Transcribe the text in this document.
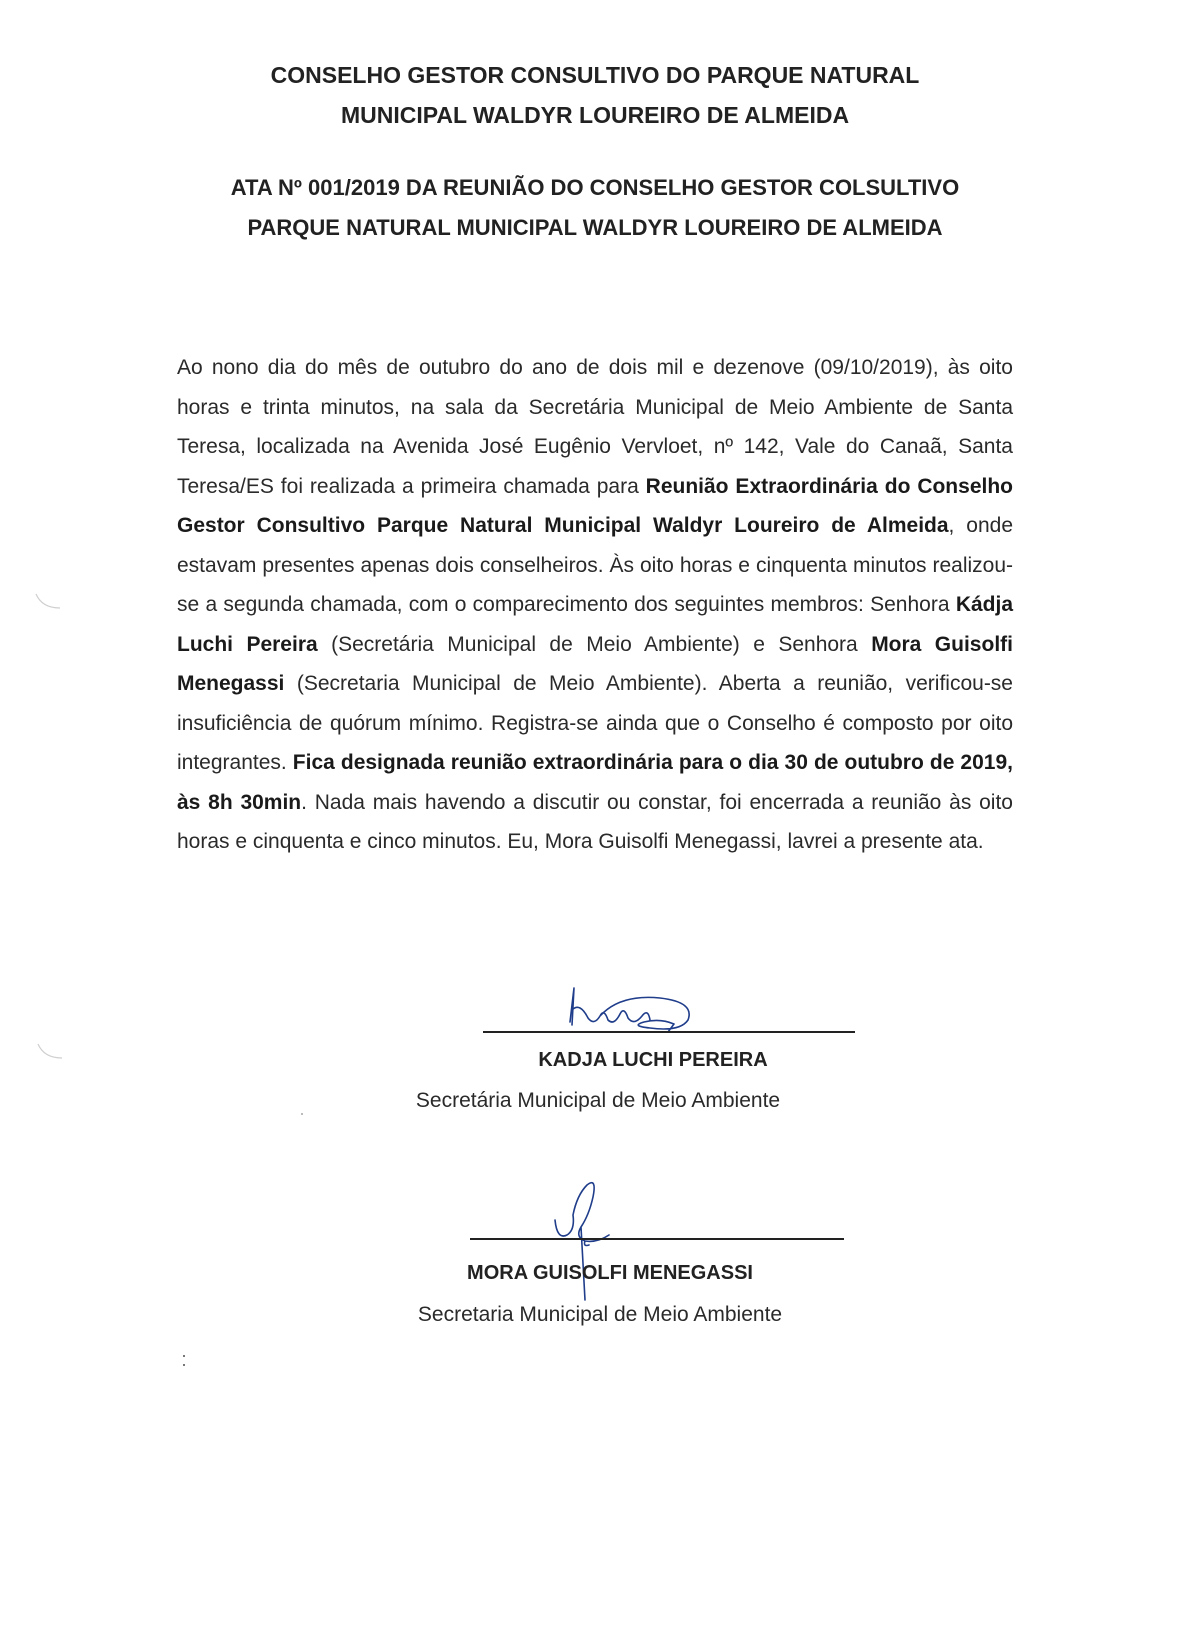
CONSELHO GESTOR CONSULTIVO DO PARQUE NATURAL
MUNICIPAL WALDYR LOUREIRO DE ALMEIDA
ATA Nº 001/2019 DA REUNIÃO DO CONSELHO GESTOR COLSULTIVO
PARQUE NATURAL MUNICIPAL WALDYR LOUREIRO DE ALMEIDA
Ao nono dia do mês de outubro do ano de dois mil e dezenove (09/10/2019), às oito horas e trinta minutos, na sala da Secretária Municipal de Meio Ambiente de Santa Teresa, localizada na Avenida José Eugênio Vervloet, nº 142, Vale do Canaã, Santa Teresa/ES foi realizada a primeira chamada para Reunião Extraordinária do Conselho Gestor Consultivo Parque Natural Municipal Waldyr Loureiro de Almeida, onde estavam presentes apenas dois conselheiros. Às oito horas e cinquenta minutos realizou-se a segunda chamada, com o comparecimento dos seguintes membros: Senhora Kádja Luchi Pereira (Secretária Municipal de Meio Ambiente) e Senhora Mora Guisolfi Menegassi (Secretaria Municipal de Meio Ambiente). Aberta a reunião, verificou-se insuficiência de quórum mínimo. Registra-se ainda que o Conselho é composto por oito integrantes. Fica designada reunião extraordinária para o dia 30 de outubro de 2019, às 8h 30min. Nada mais havendo a discutir ou constar, foi encerrada a reunião às oito horas e cinquenta e cinco minutos. Eu, Mora Guisolfi Menegassi, lavrei a presente ata.
KADJA LUCHI PEREIRA
Secretária Municipal de Meio Ambiente
MORA GUISOLFI MENEGASSI
Secretaria Municipal de Meio Ambiente
